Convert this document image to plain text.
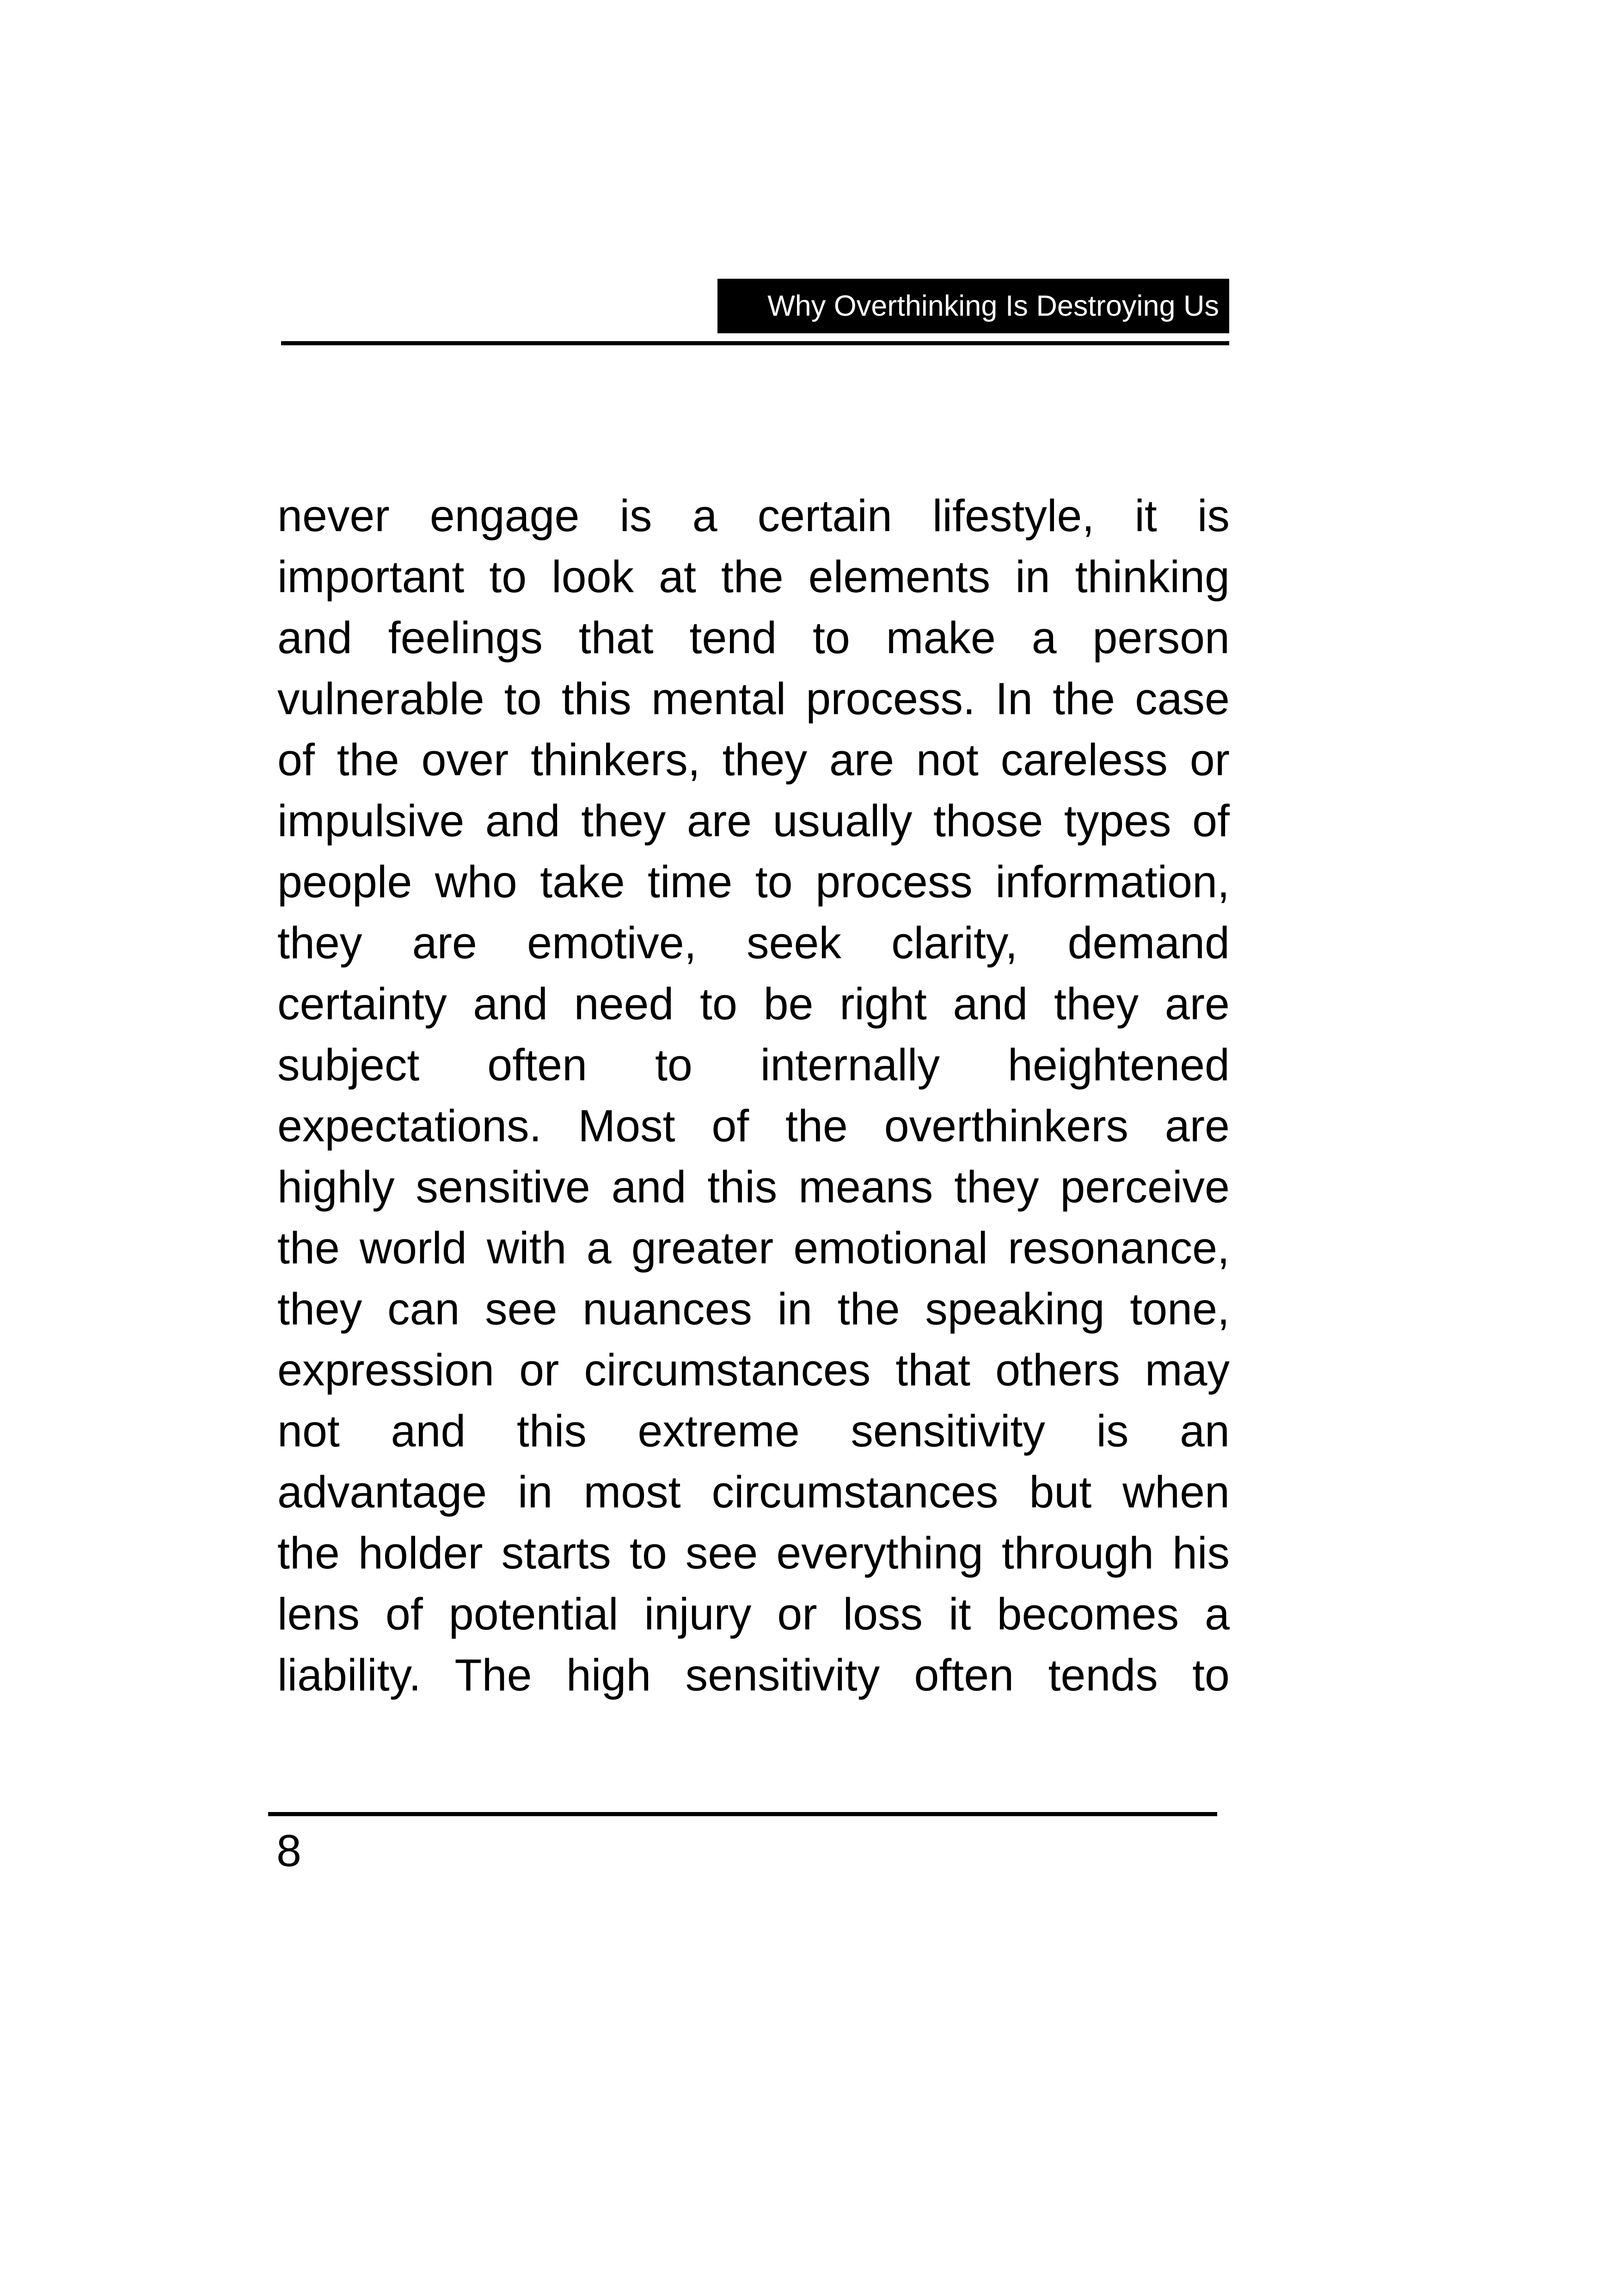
Why Overthinking Is Destroying Us
never engage is a certain lifestyle, it is
important to look at the elements in thinking
and feelings that tend to make a person
vulnerable to this mental process. In the case
of the over thinkers, they are not careless or
impulsive and they are usually those types of
people who take time to process information,
they are emotive, seek clarity, demand
certainty and need to be right and they are
subject often to internally heightened
expectations. Most of the overthinkers are
highly sensitive and this means they perceive
the world with a greater emotional resonance,
they can see nuances in the speaking tone,
expression or circumstances that others may
not and this extreme sensitivity is an
advantage in most circumstances but when
the holder starts to see everything through his
lens of potential injury or loss it becomes a
liability. The high sensitivity often tends to
8
